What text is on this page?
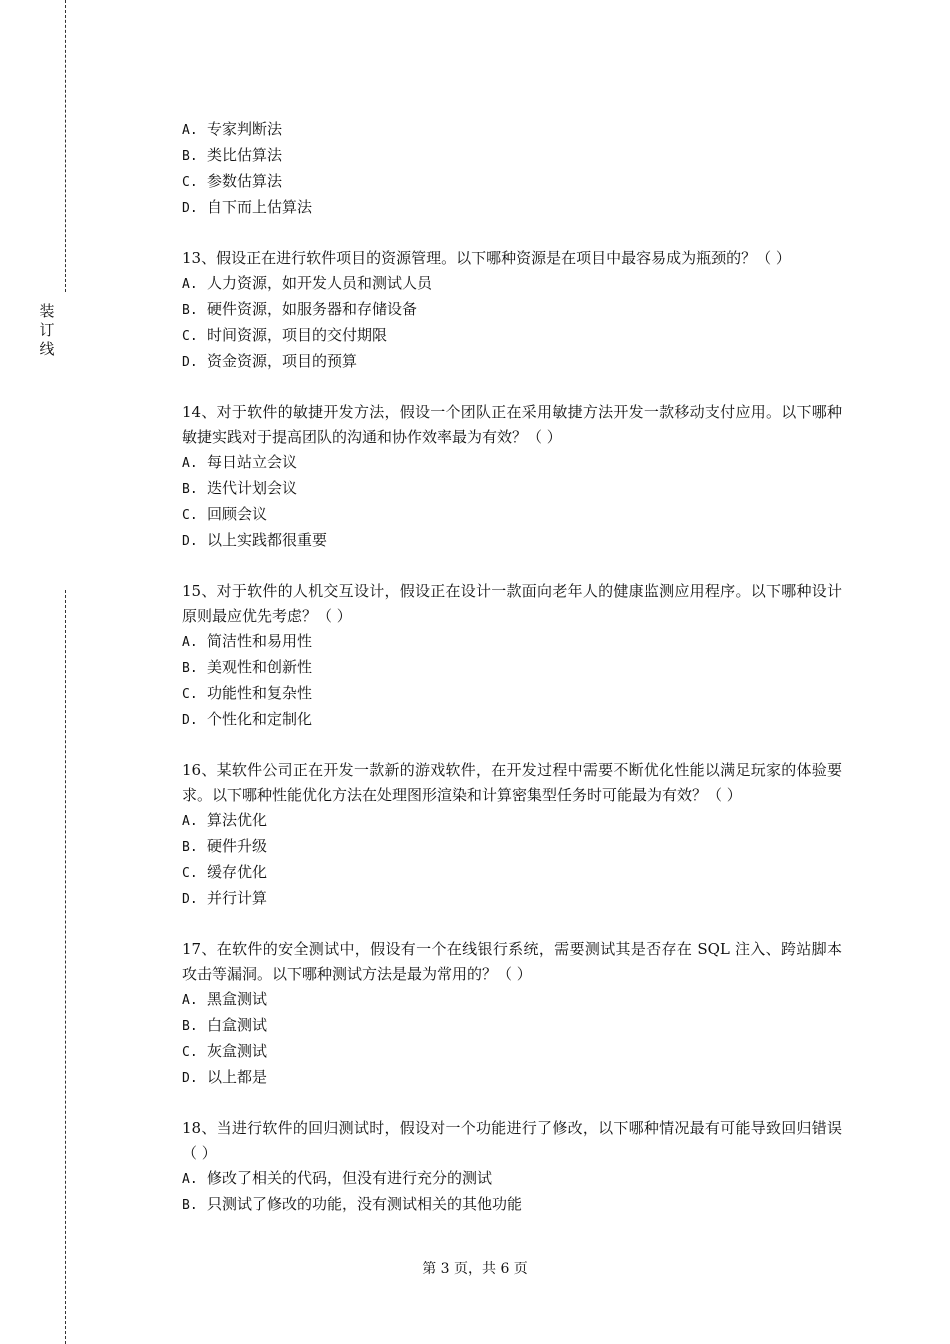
装
订
线
A. 专家判断法
B. 类比估算法
C. 参数估算法
D. 自下而上估算法
13、假设正在进行软件项目的资源管理。以下哪种资源是在项目中最容易成为瓶颈的？（ ）
A. 人力资源，如开发人员和测试人员
B. 硬件资源，如服务器和存储设备
C. 时间资源，项目的交付期限
D. 资金资源，项目的预算
14、对于软件的敏捷开发方法，假设一个团队正在采用敏捷方法开发一款移动支付应用。以下哪种敏捷实践对于提高团队的沟通和协作效率最为有效？（ ）
A. 每日站立会议
B. 迭代计划会议
C. 回顾会议
D. 以上实践都很重要
15、对于软件的人机交互设计，假设正在设计一款面向老年人的健康监测应用程序。以下哪种设计原则最应优先考虑？（ ）
A. 简洁性和易用性
B. 美观性和创新性
C. 功能性和复杂性
D. 个性化和定制化
16、某软件公司正在开发一款新的游戏软件，在开发过程中需要不断优化性能以满足玩家的体验要求。以下哪种性能优化方法在处理图形渲染和计算密集型任务时可能最为有效？（ ）
A. 算法优化
B. 硬件升级
C. 缓存优化
D. 并行计算
17、在软件的安全测试中，假设有一个在线银行系统，需要测试其是否存在 SQL 注入、跨站脚本攻击等漏洞。以下哪种测试方法是最为常用的？（ ）
A. 黑盒测试
B. 白盒测试
C. 灰盒测试
D. 以上都是
18、当进行软件的回归测试时，假设对一个功能进行了修改，以下哪种情况最有可能导致回归错误（ ）
A. 修改了相关的代码，但没有进行充分的测试
B. 只测试了修改的功能，没有测试相关的其他功能
第 3 页，共 6 页
